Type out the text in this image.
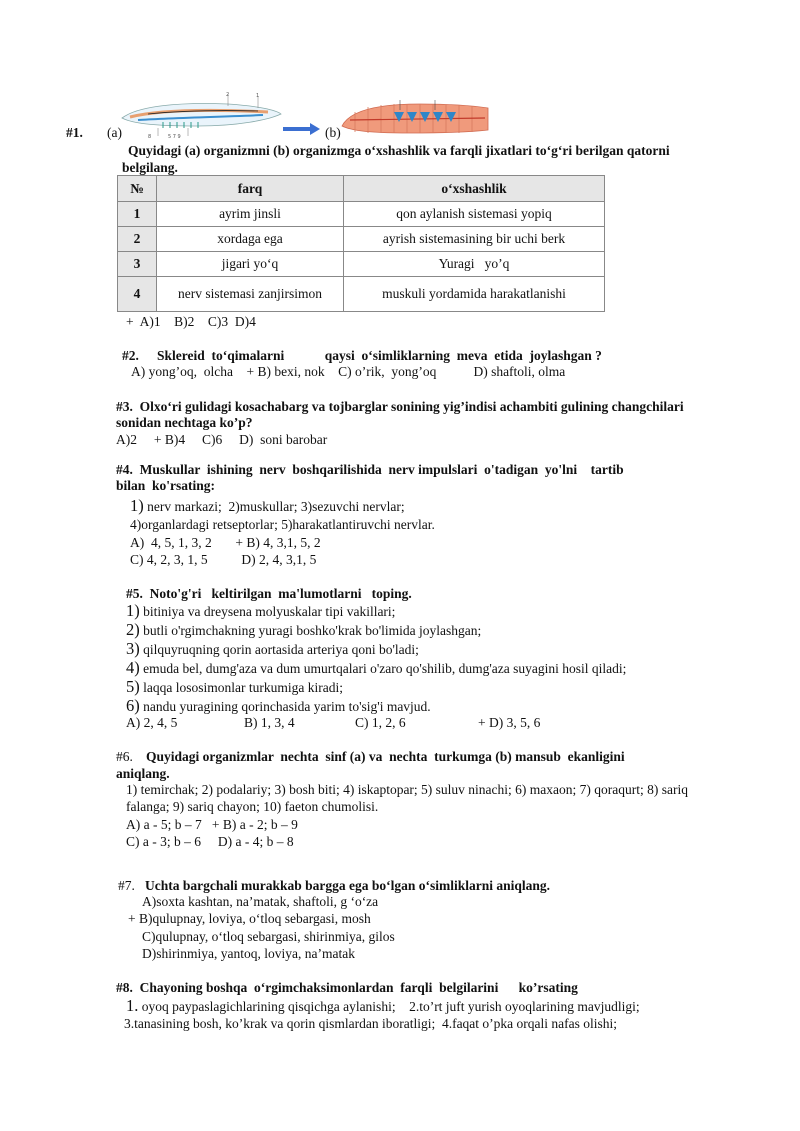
#1. (a)
2	1
5 7 9
8	(b)
Quyidagi (a) organizmni (b) organizmga o‘xshashlik va farqli jixatlari to‘g‘ri berilgan qatorni
belgilang.
№	farq	o‘xshashlik
1	ayrim jinsli	qon aylanish sistemasi yopiq
2	xordaga ega	ayrish sistemasining bir uchi berk
3	jigari yo‘q	Yuragi   yo’q
4	nerv sistemasi zanjirsimon	muskuli yordamida harakatlanishi
+  A)1    B)2    C)3  D)4
#2. Sklereid  to‘qimalarni            qaysi  o‘simliklarning  meva  etida  joylashgan ?
A) yong’oq,  olcha    + B) bexi, nok    C) o’rik,  yong’oq           D) shaftoli, olma
#3.  Olxo‘ri gulidagi kosachabarg va tojbarglar sonining yig’indisi achambiti gulining changchilari
sonidan nechtaga ko’p?
A)2     + B)4     C)6     D)  soni barobar
#4.  Muskullar  ishining  nerv  boshqarilishida  nerv impulslari  o'tadigan  yo'lni    tartib
bilan  ko'rsating:
1) nerv markazi;  2)muskullar; 3)sezuvchi nervlar;
4)organlardagi retseptorlar; 5)harakatlantiruvchi nervlar.
A)  4, 5, 1, 3, 2       + B) 4, 3,1, 5, 2
C) 4, 2, 3, 1, 5          D) 2, 4, 3,1, 5
#5.  Noto'g'ri   keltirilgan  ma'lumotlarni   toping.
1) bitiniya va dreysena molyuskalar tipi vakillari;
2) butli o'rgimchakning yuragi boshko'krak bo'limida joylashgan;
3) qilquyruqning qorin aortasida arteriya qoni bo'ladi;
4) emuda bel, dumg'aza va dum umurtqalari o'zaro qo'shilib, dumg'aza suyagini hosil qiladi;
5) laqqa lososimonlar turkumiga kiradi;
6) nandu yuragining qorinchasida yarim to'sig'i mavjud.
A) 2, 4, 5	B) 1, 3, 4	C) 1, 2, 6	+ D) 3, 5, 6
#6. Quyidagi organizmlar  nechta  sinf (a) va  nechta  turkumga (b) mansub  ekanligini
aniqlang.
1) temirchak; 2) podalariy; 3) bosh biti; 4) iskaptopar; 5) suluv ninachi; 6) maxaon; 7) qoraqurt; 8) sariq
falanga; 9) sariq chayon; 10) faeton chumolisi.
A) a - 5; b – 7   + B) a - 2; b – 9
C) a - 3; b – 6     D) a - 4; b – 8
#7. Uchta bargchali murakkab bargga ega bo‘lgan o‘simliklarni aniqlang.
A)soxta kashtan, na’matak, shaftoli, g ‘o‘za
+ B)qulupnay, loviya, o‘tloq sebargasi, mosh
C)qulupnay, o‘tloq sebargasi, shirinmiya, gilos
D)shirinmiya, yantoq, loviya, na’matak
#8.  Chayoning boshqa  o‘rgimchaksimonlardan  farqli  belgilarini      ko’rsating
1. oyoq paypaslagichlarining qisqichga aylanishi;    2.to’rt juft yurish oyoqlarining mavjudligi;
3.tanasining bosh, ko’krak va qorin qismlardan iboratligi;  4.faqat o’pka orqali nafas olishi;
